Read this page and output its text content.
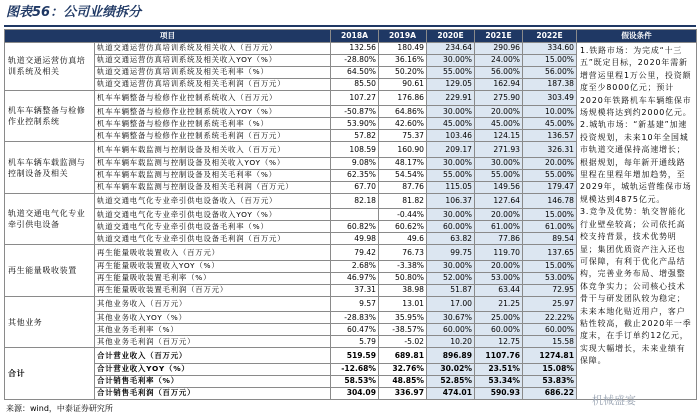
图表56：公司业绩拆分
项目		2018A	2019A	2020E	2021E	2022E	假设条件
轨道交通运营仿真培训系统及相关	轨道交通运营仿真培训系统及相关收入（百万元）	132.56	180.49	234.64	290.96	334.60	1.铁路市场：为完成“十三五”既定目标，2020年需新增营运里程1万公里，投资额度至少8000亿元；预计2020年铁路机车车辆维保市场规模将达到约2000亿元。
2.城轨市场：“新基建”加速投资规划，未来10年全国城市轨道交通保持高速增长；根据规划，每年新开通线路里程在里程年增加趋势，至2029年，城轨运营维保市场规模达到4875亿元。
3.竞争及优势：轨交智能化行业壁垒较高；公司依托高校支持背景，技术优势明显；集团优质资产注入还也可保障，有利于优化产品结构，完善业务布局、增强整体竞争实力；公司核心技术骨干与研发团队较为稳定；未来本地化贴近用户，客户粘性较高，截止2020年一季度末，在手订单约12亿元，实现大幅增长，未来业绩有保障。

	轨道交通运营仿真培训系统及相关收入YOY（%）	-28.80%	36.16%	30.00%	24.00%	15.00%	
	轨道交通运营仿真培训系统及相关毛利率（%）	64.50%	50.20%	55.00%	56.00%	56.00%	
	轨道交通运营仿真培训系统及相关毛利润（百万元）	85.50	90.61	129.05	162.94	187.38	
机车车辆整备与检修作业控制系统	机车车辆整备与检修作业控制系统收入（百万元）	107.27	176.86	229.91	275.90	303.49	
	机车车辆整备与检修作业控制系统收入YOY（%）	-50.87%	64.86%	30.00%	20.00%	10.00%	
	机车车辆整备与检修作业控制系统毛利率（%）	53.90%	42.60%	45.00%	45.00%	45.00%	
	机车车辆整备与检修作业控制系统毛利润（百万元）	57.82	75.37	103.46	124.15	136.57	
机车车辆车载监测与控制设备及相关	机车车辆车载监测与控制设备及相关收入（百万元）	108.59	160.90	209.17	271.93	326.31	
	机车车辆车载监测与控制设备及相关收入YOY（%）	9.08%	48.17%	30.00%	30.00%	20.00%	
	机车车辆车载监测与控制设备及相关毛利率（%）	62.35%	54.54%	55.00%	55.00%	55.00%	
	机车车辆车载监测与控制设备及相关毛利润（百万元）	67.70	87.76	115.05	149.56	179.47	
轨道交通电气化专业牵引供电设备	轨道交通电气化专业牵引供电设备收入（百万元）	82.18	81.82	106.37	127.64	146.78	
	轨道交通电气化专业牵引供电设备收入YOY（%）		-0.44%	30.00%	20.00%	15.00%	
	轨道交通电气化专业牵引供电设备毛利率（%）	60.82%	60.62%	60.00%	61.00%	61.00%	
	轨道交通电气化专业牵引供电设备毛利润（百万元）	49.98	49.6	63.82	77.86	89.54	
再生能量吸收装置	再生能量吸收装置收入（百万元）	79.42	76.73	99.75	119.70	137.65	
	再生能量吸收装置收入YOY（%）	2.68%	-3.38%	30.00%	20.00%	15.00%	
	再生能量吸收装置毛利率（%）	46.97%	50.80%	52.00%	53.00%	53.00%	
	再生能量吸收装置毛利润（百万元）	37.31	38.98	51.87	63.44	72.95	
其他业务	其他业务收入（百万元）	9.57	13.01	17.00	21.25	25.97	
	其他业务收入YOY（%）	-28.83%	35.95%	30.67%	25.00%	22.22%	
	其他业务毛利率（%）	60.47%	-38.57%	60.00%	60.00%	60.00%	
	其他业务毛利润（百万元）	5.79	-5.02	10.20	12.75	15.58	
合计	合计营业收入（百万元）	519.59	689.81	896.89	1107.76	1274.81	
	合计营业收入YOY（%）	-12.68%	32.76%	30.02%	23.51%	15.08%	
	合计销售毛利率（%）	58.53%	48.85%	52.85%	53.34%	53.83%	
	合计销售毛利润（百万元）	304.09	336.97	474.01	590.93	686.22	
来源：wind，中泰证券研究所
机械盛宴
